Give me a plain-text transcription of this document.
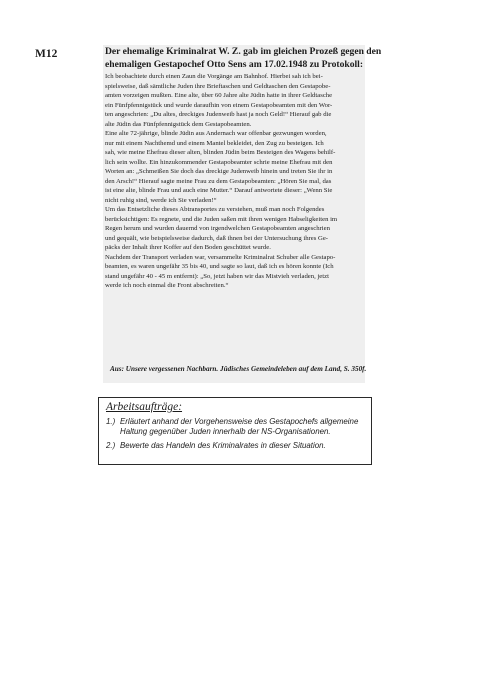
M12	Der ehemalige Kriminalrat W. Z. gab im gleichen Prozeß gegen den
ehemaligen Gestapochef Otto Sens am 17.02.1948 zu Protokoll:
Ich beobachtete durch einen Zaun die Vorgänge am Bahnhof. Hierbei sah ich bei-
spielsweise, daß sämtliche Juden ihre Brieftaschen und Geldtaschen den Gestapobe-
amten vorzeigen mußten. Eine alte, über 60 Jahre alte Jüdin hatte in ihrer Geldtasche
ein Fünfpfennigstück und wurde daraufhin von einem Gestapobeamten mit den Wor-
ten angeschrien: „Du altes, dreckiges Judenweib hast ja noch Geld!“ Hierauf gab die
alte Jüdin das Fünfpfennigstück dem Gestapobeamten.
Eine alte 72-jährige, blinde Jüdin aus Andernach war offenbar gezwungen worden,
nur mit einem Nachthemd und einem Mantel bekleidet, den Zug zu besteigen. Ich
sah, wie meine Ehefrau dieser alten, blinden Jüdin beim Besteigen des Wagens behilf-
lich sein wollte. Ein hinzukommender Gestapobeamter schrie meine Ehefrau mit den
Worten an: „Schmeißen Sie doch das dreckige Judenweib hinein und treten Sie ihr in
den Arsch!“ Hierauf sagte meine Frau zu dem Gestapobeamten: „Hören Sie mal, das
ist eine alte, blinde Frau und auch eine Mutter.“ Darauf antwortete dieser: „Wenn Sie
nicht ruhig sind, werde ich Sie verladen!“
Um das Entsetzliche dieses Abtransportes zu verstehen, muß man noch Folgendes
berücksichtigen: Es regnete, und die Juden saßen mit ihren wenigen Habseligkeiten im
Regen herum und wurden dauernd von irgendwelchen Gestapobeamten angeschrien
und gequält, wie beispielsweise dadurch, daß ihnen bei der Untersuchung ihres Ge-
päcks der Inhalt ihrer Koffer auf den Boden geschüttet wurde.
Nachdem der Transport verladen war, versammelte Kriminalrat Schuber alle Gestapo-
beamten, es waren ungefähr 35 bis 40, und sagte so laut, daß ich es hören konnte (Ich
stand ungefähr 40 - 45 m entfernt): „So, jetzt haben wir das Mistvieh verladen, jetzt
werde ich noch einmal die Front abschreiten.“
Aus: Unsere vergessenen Nachbarn. Jüdisches Gemeindeleben auf dem Land, S. 350f.
Arbeitsaufträge:
1.) Erläutert anhand der Vorgehensweise des Gestapochefs allgemeine Haltung gegenüber Juden innerhalb der NS-Organisationen.
2.) Bewerte das Handeln des Kriminalrates in dieser Situation.
